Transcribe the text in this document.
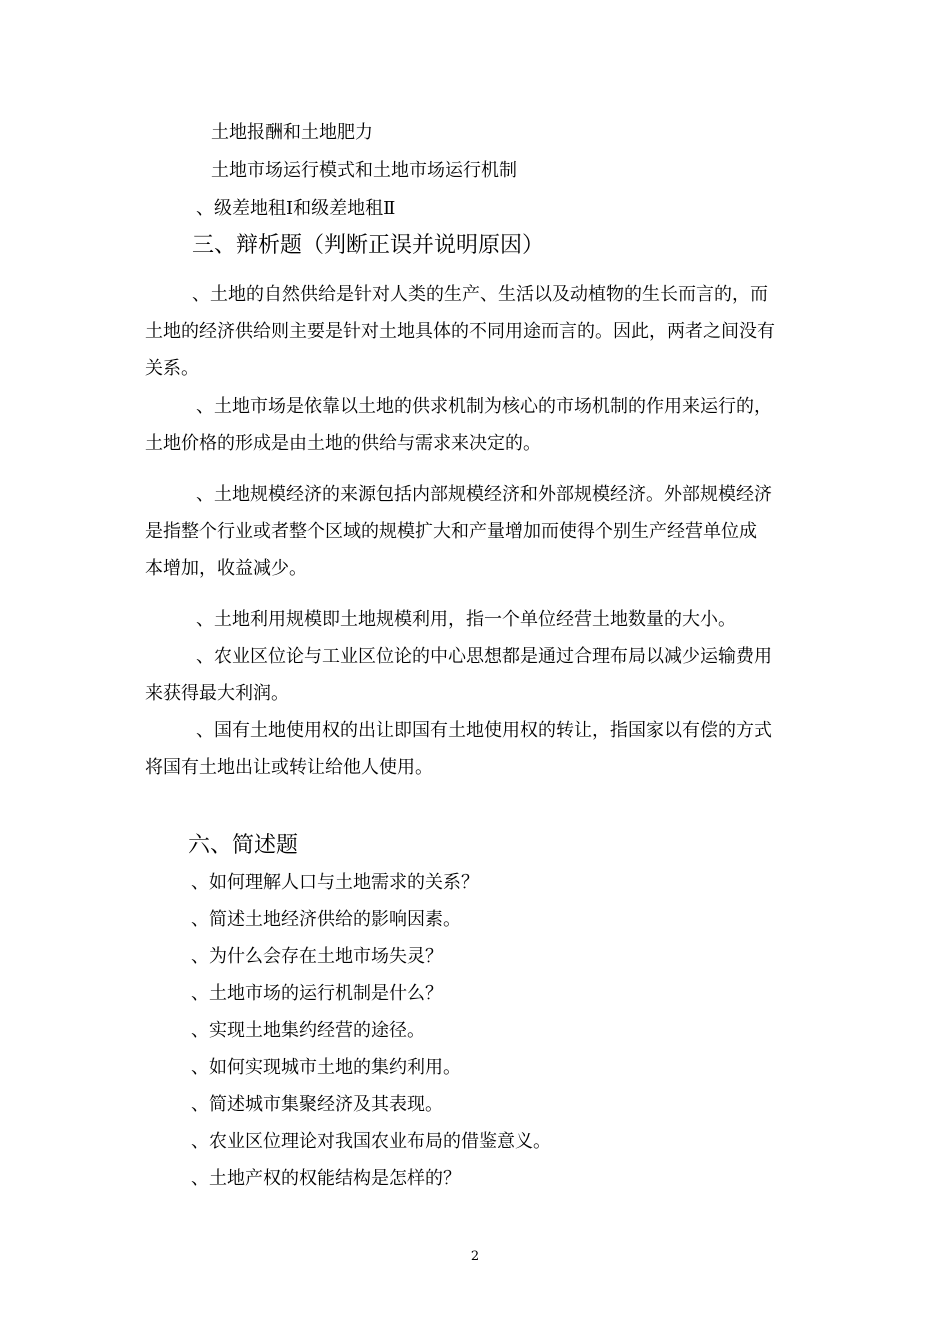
土地报酬和土地肥力
土地市场运行模式和土地市场运行机制
、级差地租Ⅰ和级差地租Ⅱ
三、辩析题（判断正误并说明原因）
、土地的自然供给是针对人类的生产、生活以及动植物的生长而言的，而
土地的经济供给则主要是针对土地具体的不同用途而言的。因此，两者之间没有
关系。
、土地市场是依靠以土地的供求机制为核心的市场机制的作用来运行的，
土地价格的形成是由土地的供给与需求来决定的。
、土地规模经济的来源包括内部规模经济和外部规模经济。外部规模经济
是指整个行业或者整个区域的规模扩大和产量增加而使得个别生产经营单位成
本增加，收益减少。
、土地利用规模即土地规模利用，指一个单位经营土地数量的大小。
、农业区位论与工业区位论的中心思想都是通过合理布局以减少运输费用
来获得最大利润。
、国有土地使用权的出让即国有土地使用权的转让，指国家以有偿的方式
将国有土地出让或转让给他人使用。
六、简述题
、如何理解人口与土地需求的关系？
、简述土地经济供给的影响因素。
、为什么会存在土地市场失灵？
、土地市场的运行机制是什么？
、实现土地集约经营的途径。
、如何实现城市土地的集约利用。
、简述城市集聚经济及其表现。
、农业区位理论对我国农业布局的借鉴意义。
、土地产权的权能结构是怎样的？
2
